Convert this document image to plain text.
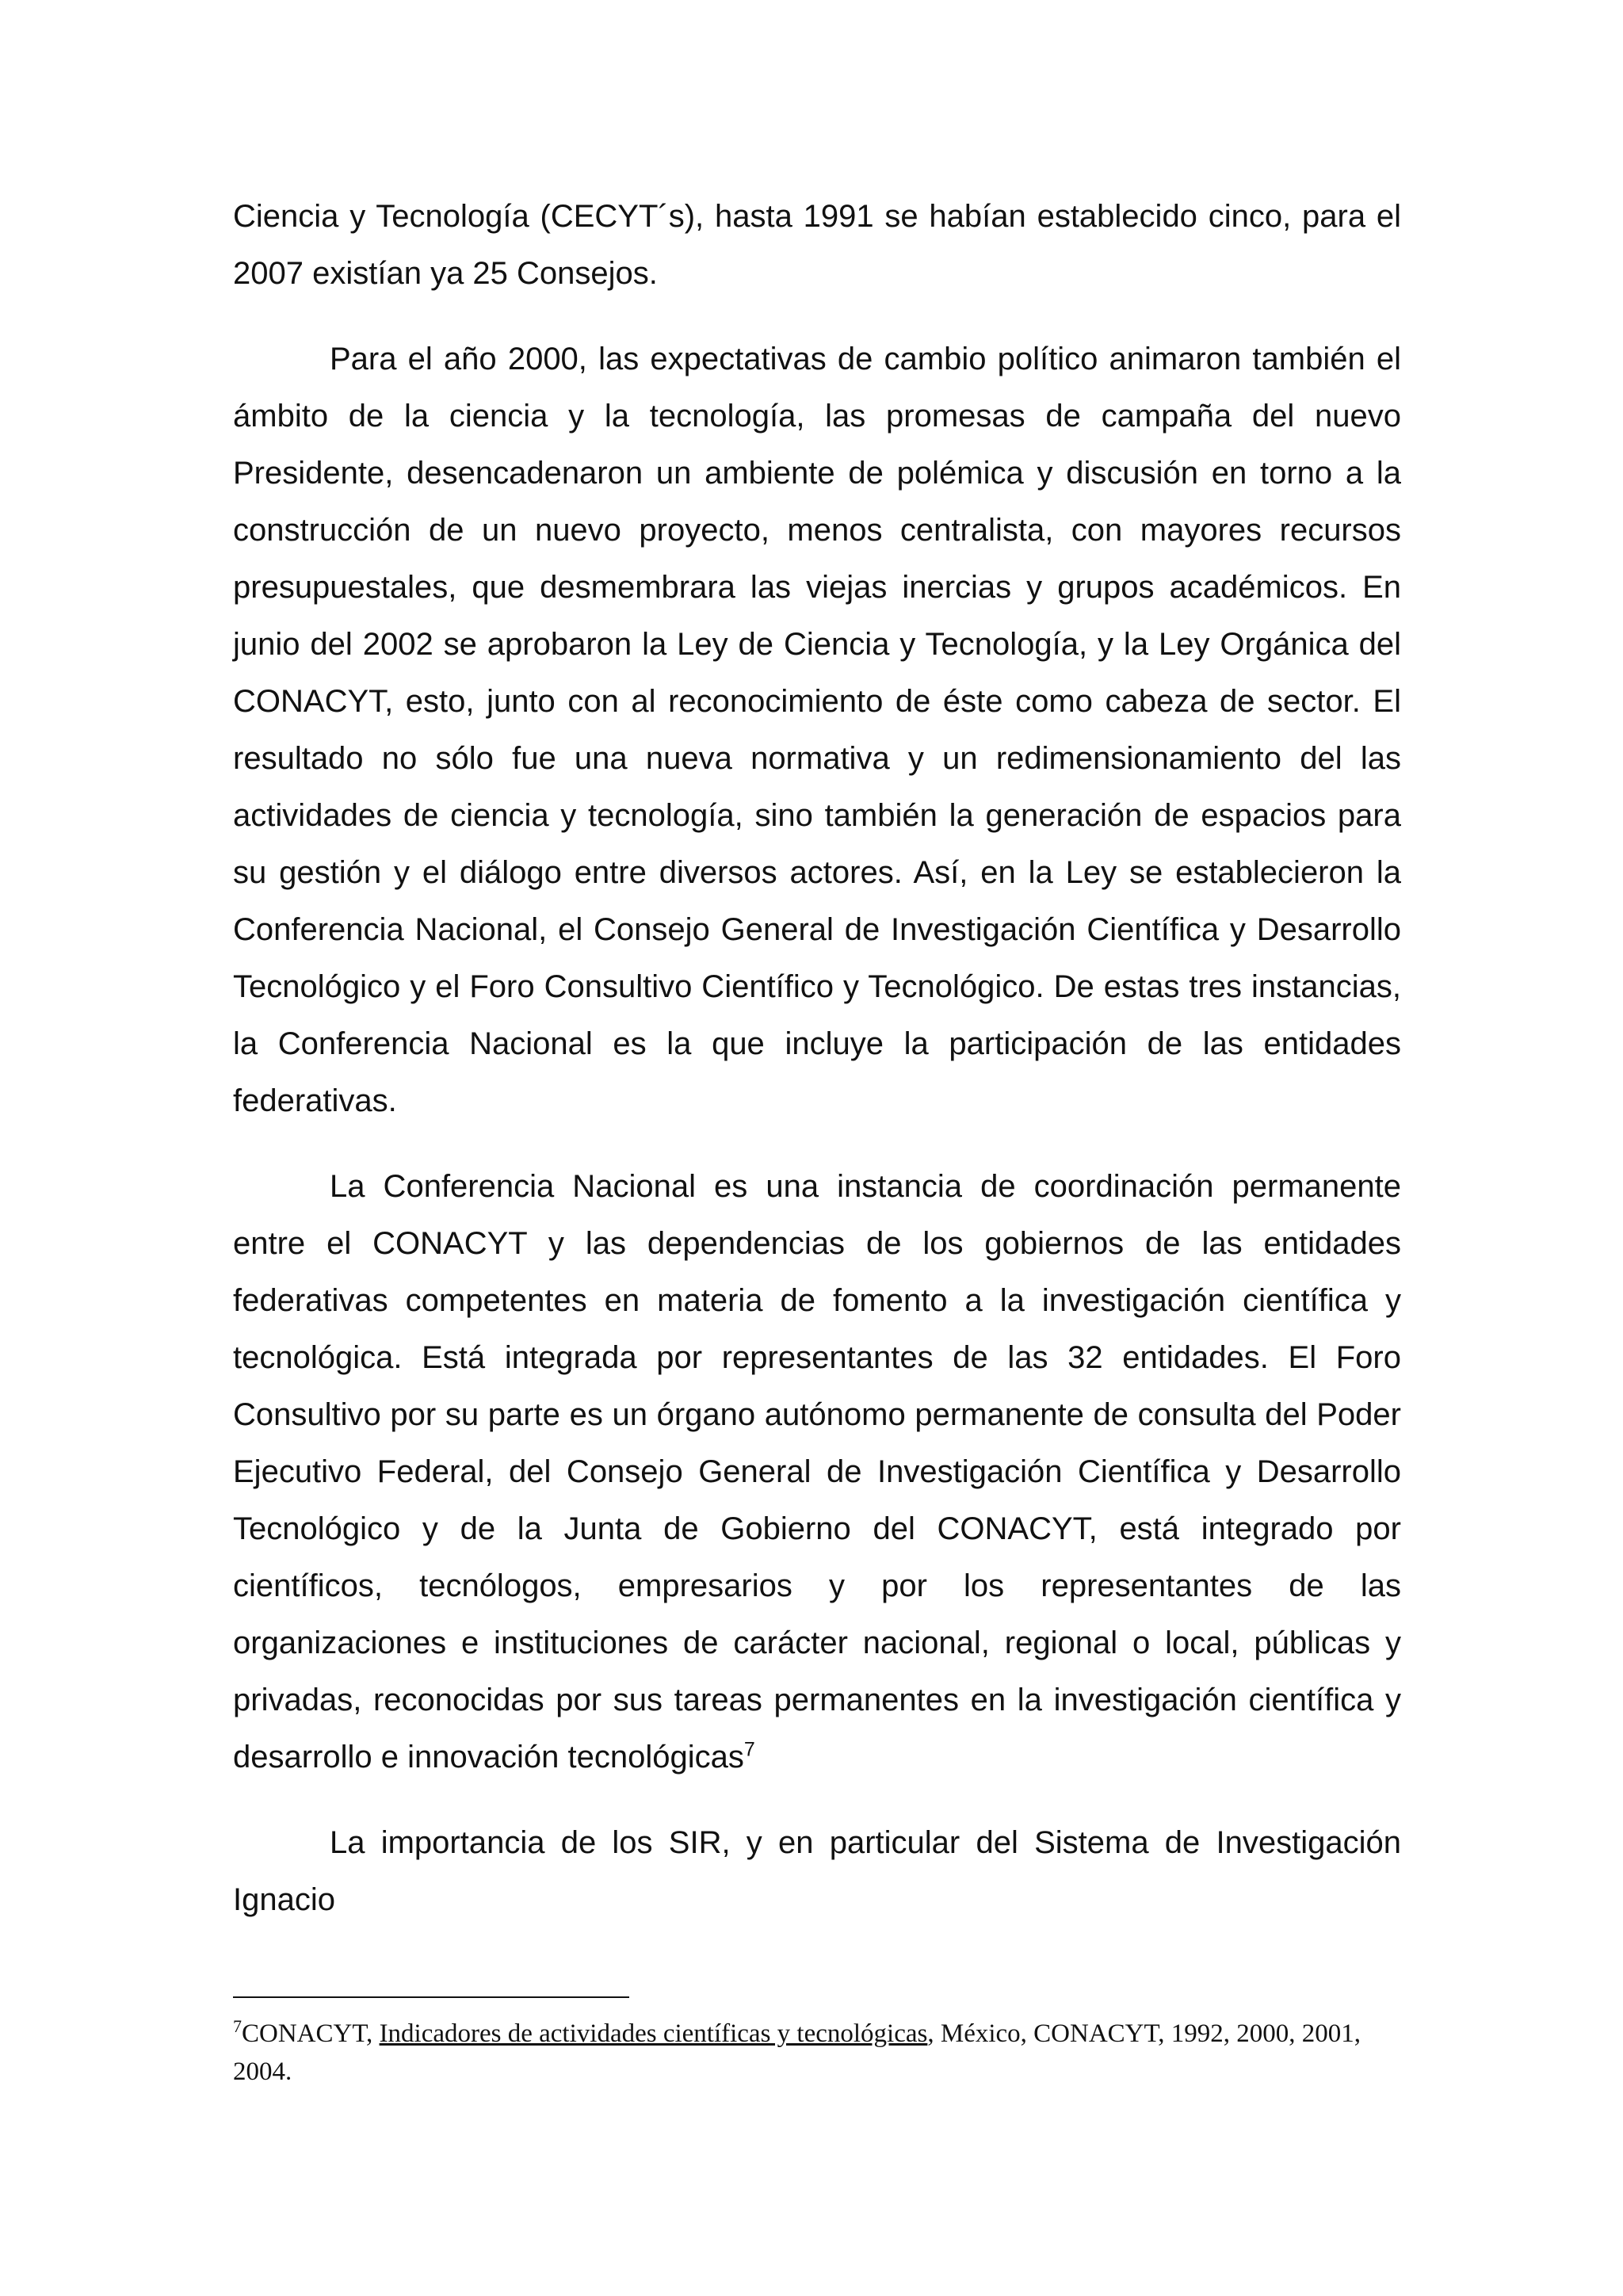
Ciencia y Tecnología (CECYT´s), hasta 1991 se habían establecido cinco, para el 2007 existían ya 25 Consejos.

Para el año 2000, las expectativas de cambio político animaron también el ámbito de la ciencia y la tecnología, las promesas de campaña del nuevo Presidente, desencadenaron un ambiente de polémica y discusión en torno a la construcción de un nuevo proyecto, menos centralista, con mayores recursos presupuestales, que desmembrara las viejas inercias y grupos académicos. En junio del 2002 se aprobaron la Ley de Ciencia y Tecnología, y la Ley Orgánica del CONACYT, esto, junto con al reconocimiento de éste como cabeza de sector. El resultado no sólo fue una nueva normativa y un redimensionamiento del las actividades de ciencia y tecnología, sino también la generación de espacios para su gestión y el diálogo entre diversos actores. Así, en la Ley se establecieron la Conferencia Nacional, el Consejo General de Investigación Científica y Desarrollo Tecnológico y el Foro Consultivo Científico y Tecnológico. De estas tres instancias, la Conferencia Nacional es la que incluye la participación de las entidades federativas.

La Conferencia Nacional es una instancia de coordinación permanente entre el CONACYT y las dependencias de los gobiernos de las entidades federativas competentes en materia de fomento a la investigación científica y tecnológica. Está integrada por representantes de las 32 entidades. El Foro Consultivo por su parte es un órgano autónomo permanente de consulta del Poder Ejecutivo Federal, del Consejo General de Investigación Científica y Desarrollo Tecnológico y de la Junta de Gobierno del CONACYT, está integrado por científicos, tecnólogos, empresarios y por los representantes de las organizaciones e instituciones de carácter nacional, regional o local, públicas y privadas, reconocidas por sus tareas permanentes en la investigación científica y desarrollo e innovación tecnológicas$^7$

La importancia de los SIR, y en particular del Sistema de Investigación Ignacio

$^7$CONACYT, Indicadores de actividades científicas y tecnológicas, México, CONACYT, 1992, 2000, 2001, 2004.
